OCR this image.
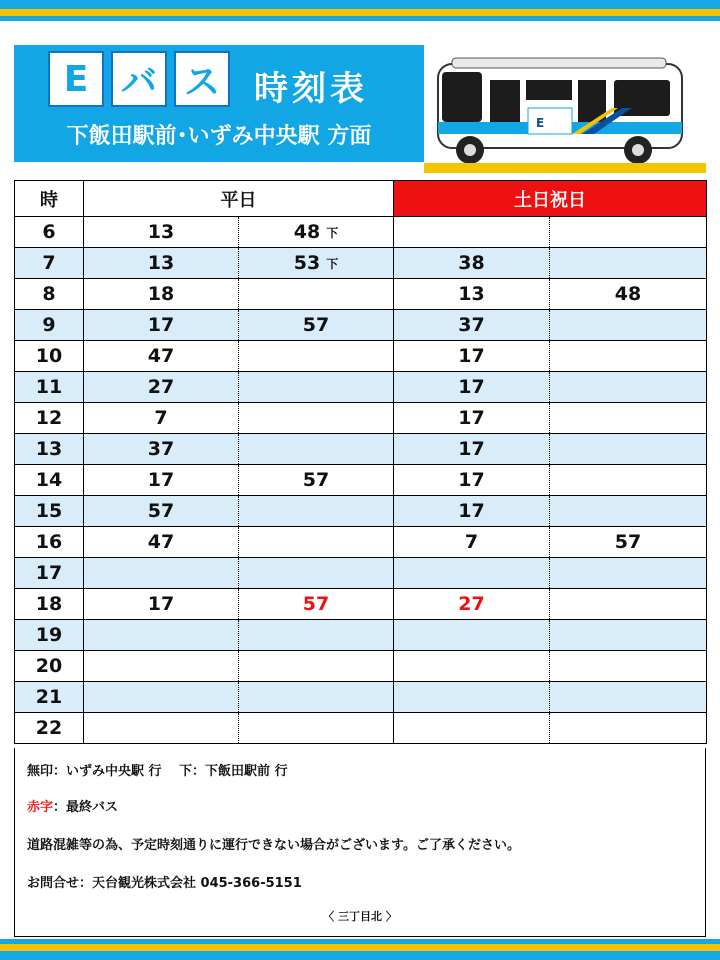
E バ ス 時刻表
下飯田駅前･いずみ中央駅 方面
E
時	平日		土日祝日	
6	13	48 下		
7	13	53 下	38	
8	18		13	48
9	17	57	37	
10	47		17	
11	27		17	
12	7		17	
13	37		17	
14	17	57	17	
15	57		17	
16	47		7	57
17				
18	17	57	27	
19				
20				
21				
22				
無印：いずみ中央駅 行　 下：下飯田駅前 行
赤字：最終バス
道路混雑等の為、予定時刻通りに運行できない場合がございます。ご了承ください。
お問合せ：天台観光株式会社 045-366-5151
〈 三丁目北 〉
